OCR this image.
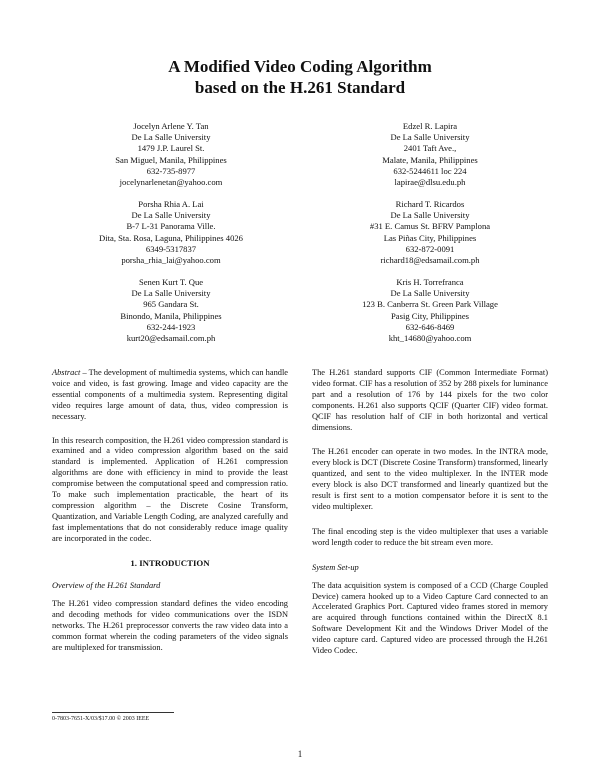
A Modified Video Coding Algorithm
based on the H.261 Standard
Jocelyn Arlene Y. Tan
De La Salle University
1479 J.P. Laurel St.
San Miguel, Manila, Philippines
632-735-8977
jocelynarlenetan@yahoo.com
Edzel R. Lapira
De La Salle University
2401 Taft Ave.,
Malate, Manila, Philippines
632-5244611 loc 224
lapirae@dlsu.edu.ph
Porsha Rhia A. Lai
De La Salle University
B-7 L-31 Panorama Ville.
Dita, Sta. Rosa, Laguna, Philippines 4026
6349-5317837
porsha_rhia_lai@yahoo.com
Richard T. Ricardos
De La Salle University
#31 E. Camus St. BFRV Pamplona
Las Piñas City, Philippines
632-872-0091
richard18@edsamail.com.ph
Senen Kurt T. Que
De La Salle University
965 Gandara St.
Binondo, Manila, Philippines
632-244-1923
kurt20@edsamail.com.ph
Kris H. Torrefranca
De La Salle University
123 B. Canberra St. Green Park Village
Pasig City, Philippines
632-646-8469
kht_14680@yahoo.com

Abstract – The development of multimedia systems, which can handle voice and video, is fast growing. Image and video capacity are the essential components of a multimedia system. Representing digital video requires large amount of data, thus, video compression is necessary.

In this research composition, the H.261 video compression standard is examined and a video compression algorithm based on the said standard is implemented. Application of H.261 compression algorithms are done with efficiency in mind to provide the least compromise between the computational speed and compression ratio. To make such implementation practicable, the heart of its compression algorithm – the Discrete Cosine Transform, Quantization, and Variable Length Coding, are analyzed carefully and fast implementations that do not considerably reduce image quality are incorporated in the codec.

1. INTRODUCTION

Overview of the H.261 Standard

The H.261 video compression standard defines the video encoding and decoding methods for video communications over the ISDN networks. The H.261 preprocessor converts the raw video data into a common format wherein the coding parameters of the video signals are multiplexed for transmission.

The H.261 standard supports CIF (Common Intermediate Format) video format. CIF has a resolution of 352 by 288 pixels for luminance part and a resolution of 176 by 144 pixels for the two color components. H.261 also supports QCIF (Quarter CIF) video format. QCIF has resolution half of CIF in both horizontal and vertical dimensions.

The H.261 encoder can operate in two modes. In the INTRA mode, every block is DCT (Discrete Cosine Transform) transformed, linearly quantized, and sent to the video multiplexer. In the INTER mode every block is also DCT transformed and linearly quantized but the result is first sent to a motion compensator before it is sent to the video multiplexer.

The final encoding step is the video multiplexer that uses a variable word length coder to reduce the bit stream even more.

System Set-up

The data acquisition system is composed of a CCD (Charge Coupled Device) camera hooked up to a Video Capture Card connected to an Accelerated Graphics Port. Captured video frames stored in memory are acquired through functions contained within the DirectX 8.1 Software Development Kit and the Windows Driver Model of the video capture card. Captured video are processed through the H.261 Video Codec.

0-7803-7651-X/03/$17.00 © 2003 IEEE
1
